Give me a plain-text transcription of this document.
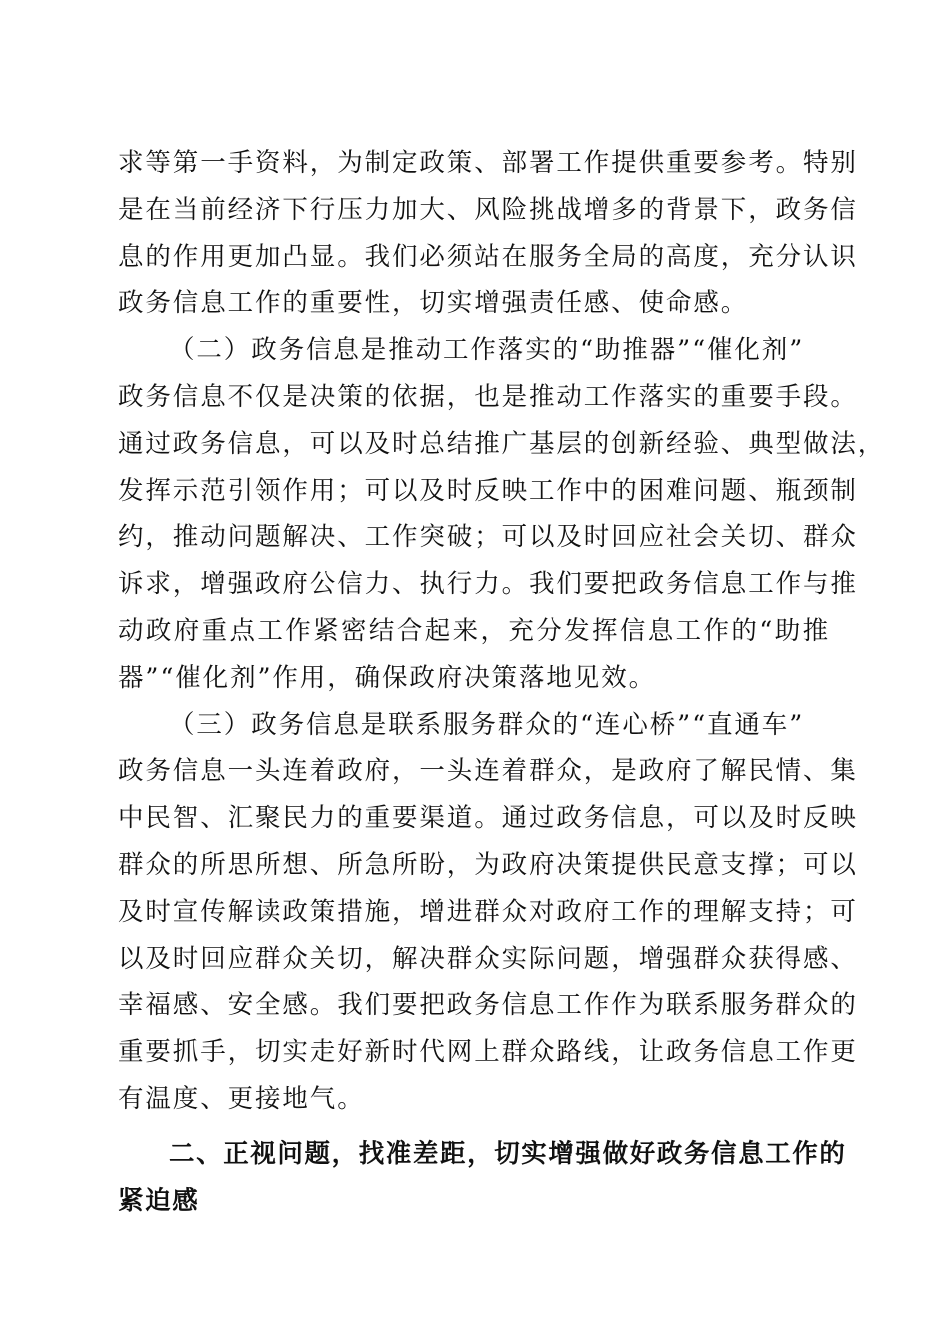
求等第一手资料，为制定政策、部署工作提供重要参考。特别
是在当前经济下行压力加大、风险挑战增多的背景下，政务信
息的作用更加凸显。我们必须站在服务全局的高度，充分认识
政务信息工作的重要性，切实增强责任感、使命感。
（二）政务信息是推动工作落实的“助推器”“催化剂”
政务信息不仅是决策的依据，也是推动工作落实的重要手段。
通过政务信息，可以及时总结推广基层的创新经验、典型做法，
发挥示范引领作用；可以及时反映工作中的困难问题、瓶颈制
约，推动问题解决、工作突破；可以及时回应社会关切、群众
诉求，增强政府公信力、执行力。我们要把政务信息工作与推
动政府重点工作紧密结合起来，充分发挥信息工作的“助推
器”“催化剂”作用，确保政府决策落地见效。
（三）政务信息是联系服务群众的“连心桥”“直通车”
政务信息一头连着政府，一头连着群众，是政府了解民情、集
中民智、汇聚民力的重要渠道。通过政务信息，可以及时反映
群众的所思所想、所急所盼，为政府决策提供民意支撑；可以
及时宣传解读政策措施，增进群众对政府工作的理解支持；可
以及时回应群众关切，解决群众实际问题，增强群众获得感、
幸福感、安全感。我们要把政务信息工作作为联系服务群众的
重要抓手，切实走好新时代网上群众路线，让政务信息工作更
有温度、更接地气。
二、正视问题，找准差距，切实增强做好政务信息工作的
紧迫感
